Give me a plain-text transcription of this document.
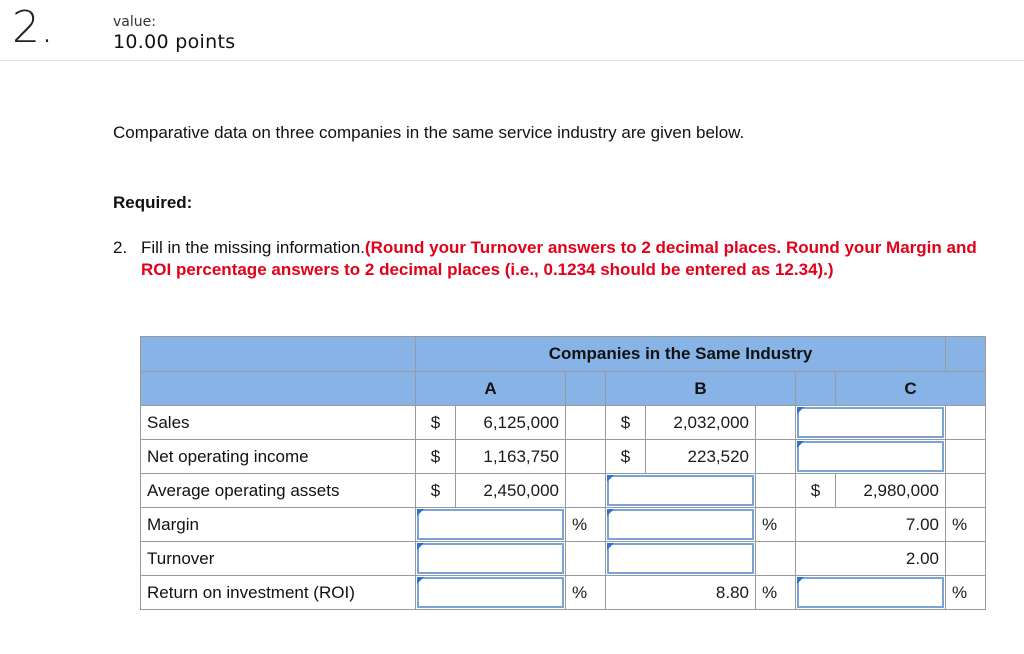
2.	value:
10.00 points
Comparative data on three companies in the same service industry are given below.
Required:
2. Fill in the missing information.(Round your Turnover answers to 2 decimal places. Round your Margin and ROI percentage answers to 2 decimal places (i.e., 0.1234 should be entered as 12.34).)
	Companies in the Same Industry								
	A			B				C	
Sales	$	6,125,000		$	2,032,000			

Net operating income	$	1,163,750		$	223,520			

Average operating assets	$	2,450,000					$	2,980,000	
Margin			%			%	7.00		%
Turnover							2.00		
Return on investment (ROI)			%	8.80		%			%
